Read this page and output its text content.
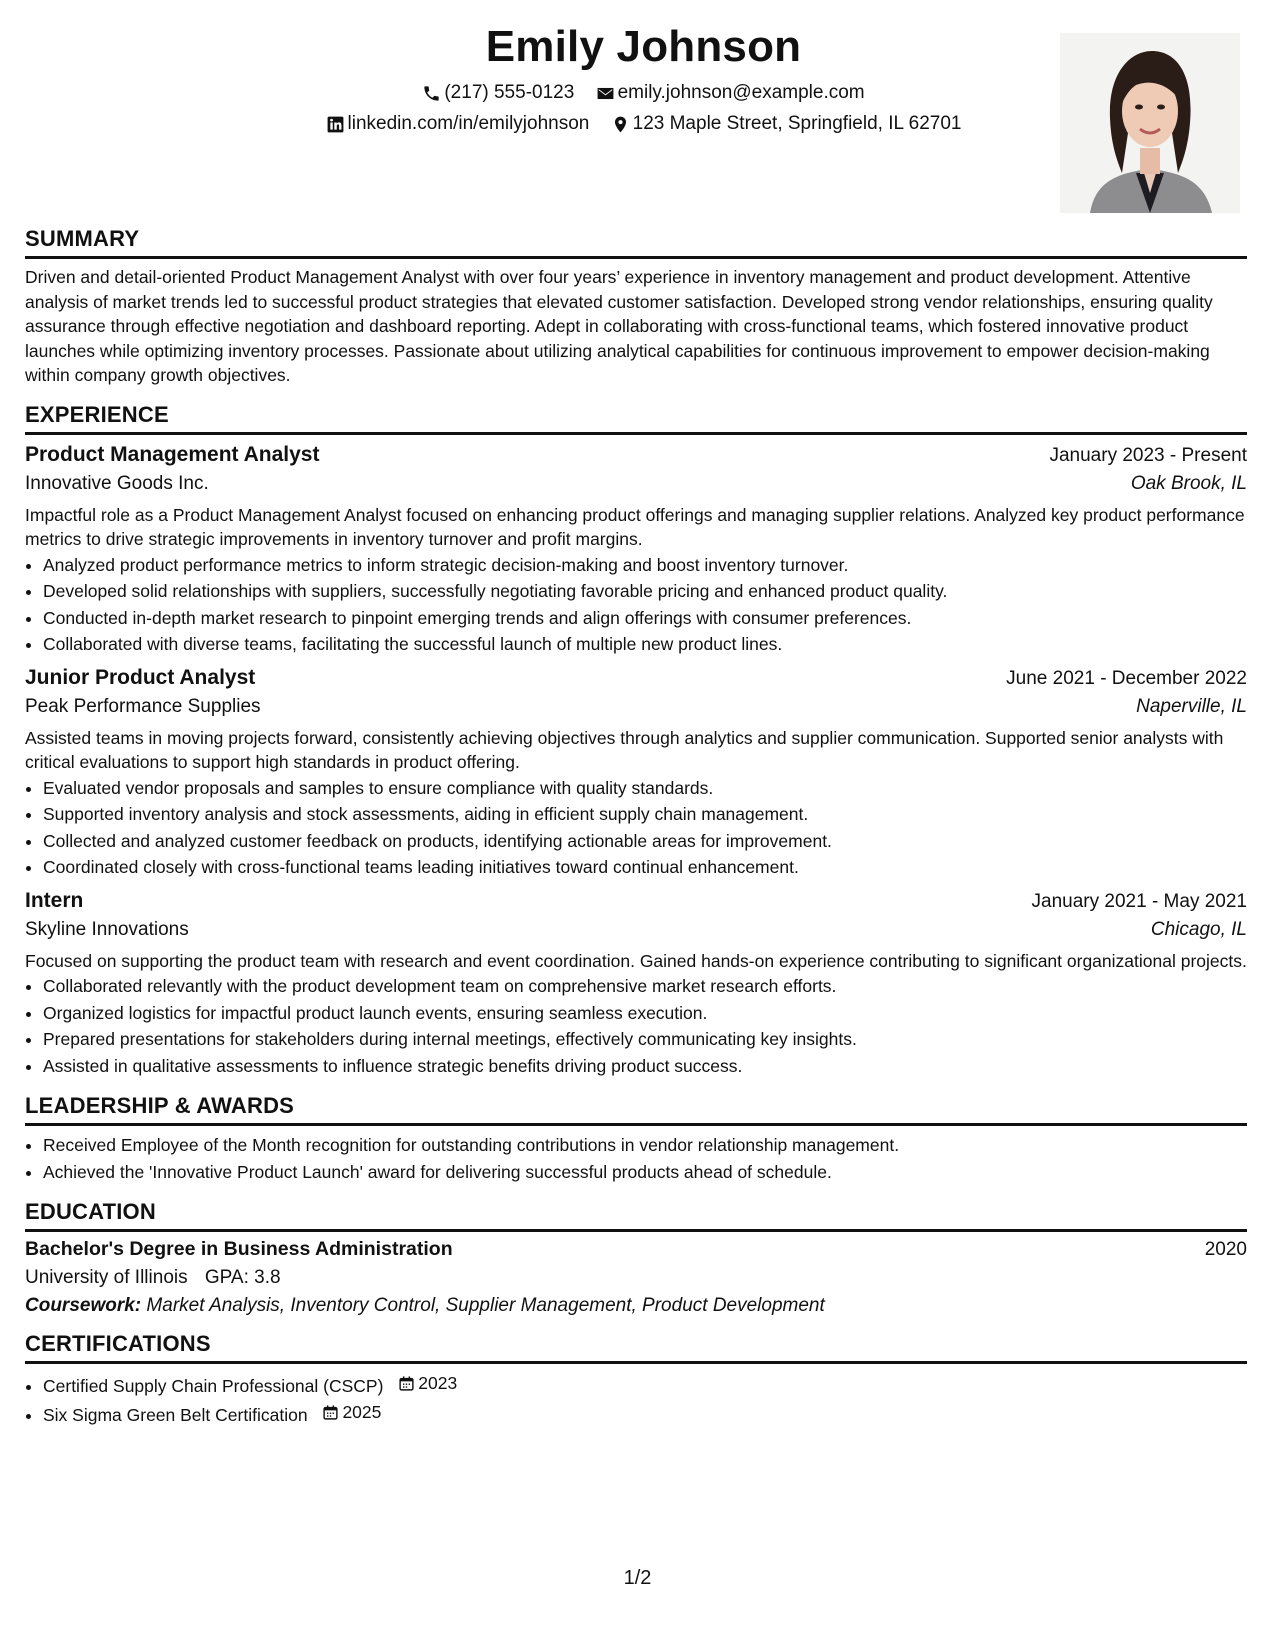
Emily Johnson
(217) 555-0123
emily.johnson@example.com
linkedin.com/in/emilyjohnson
123 Maple Street, Springfield, IL 62701
SUMMARY

Driven and detail-oriented Product Management Analyst with over four years’ experience in inventory management and product development. Attentive analysis of market trends led to successful product strategies that elevated customer satisfaction. Developed strong vendor relationships, ensuring quality assurance through effective negotiation and dashboard reporting. Adept in collaborating with cross-functional teams, which fostered innovative product launches while optimizing inventory processes. Passionate about utilizing analytical capabilities for continuous improvement to empower decision-making within company growth objectives.

EXPERIENCE
Product Management Analyst	January 2023 - Present
Innovative Goods Inc.	Oak Brook, IL
Impactful role as a Product Management Analyst focused on enhancing product offerings and managing supplier relations. Analyzed key product performance metrics to drive strategic improvements in inventory turnover and profit margins.
• Analyzed product performance metrics to inform strategic decision-making and boost inventory turnover.
• Developed solid relationships with suppliers, successfully negotiating favorable pricing and enhanced product quality.
• Conducted in-depth market research to pinpoint emerging trends and align offerings with consumer preferences.
• Collaborated with diverse teams, facilitating the successful launch of multiple new product lines.
Junior Product Analyst	June 2021 - December 2022
Peak Performance Supplies	Naperville, IL
Assisted teams in moving projects forward, consistently achieving objectives through analytics and supplier communication. Supported senior analysts with critical evaluations to support high standards in product offering.
• Evaluated vendor proposals and samples to ensure compliance with quality standards.
• Supported inventory analysis and stock assessments, aiding in efficient supply chain management.
• Collected and analyzed customer feedback on products, identifying actionable areas for improvement.
• Coordinated closely with cross-functional teams leading initiatives toward continual enhancement.
Intern	January 2021 - May 2021
Skyline Innovations	Chicago, IL
Focused on supporting the product team with research and event coordination. Gained hands-on experience contributing to significant organizational projects.
• Collaborated relevantly with the product development team on comprehensive market research efforts.
• Organized logistics for impactful product launch events, ensuring seamless execution.
• Prepared presentations for stakeholders during internal meetings, effectively communicating key insights.
• Assisted in qualitative assessments to influence strategic benefits driving product success.
LEADERSHIP & AWARDS
• Received Employee of the Month recognition for outstanding contributions in vendor relationship management.
• Achieved the 'Innovative Product Launch' award for delivering successful products ahead of schedule.
EDUCATION
Bachelor's Degree in Business Administration	2020
University of Illinois GPA: 3.8
Coursework: Market Analysis, Inventory Control, Supplier Management, Product Development
CERTIFICATIONS
• Certified Supply Chain Professional (CSCP) 2023
• Six Sigma Green Belt Certification 2025
1/2
